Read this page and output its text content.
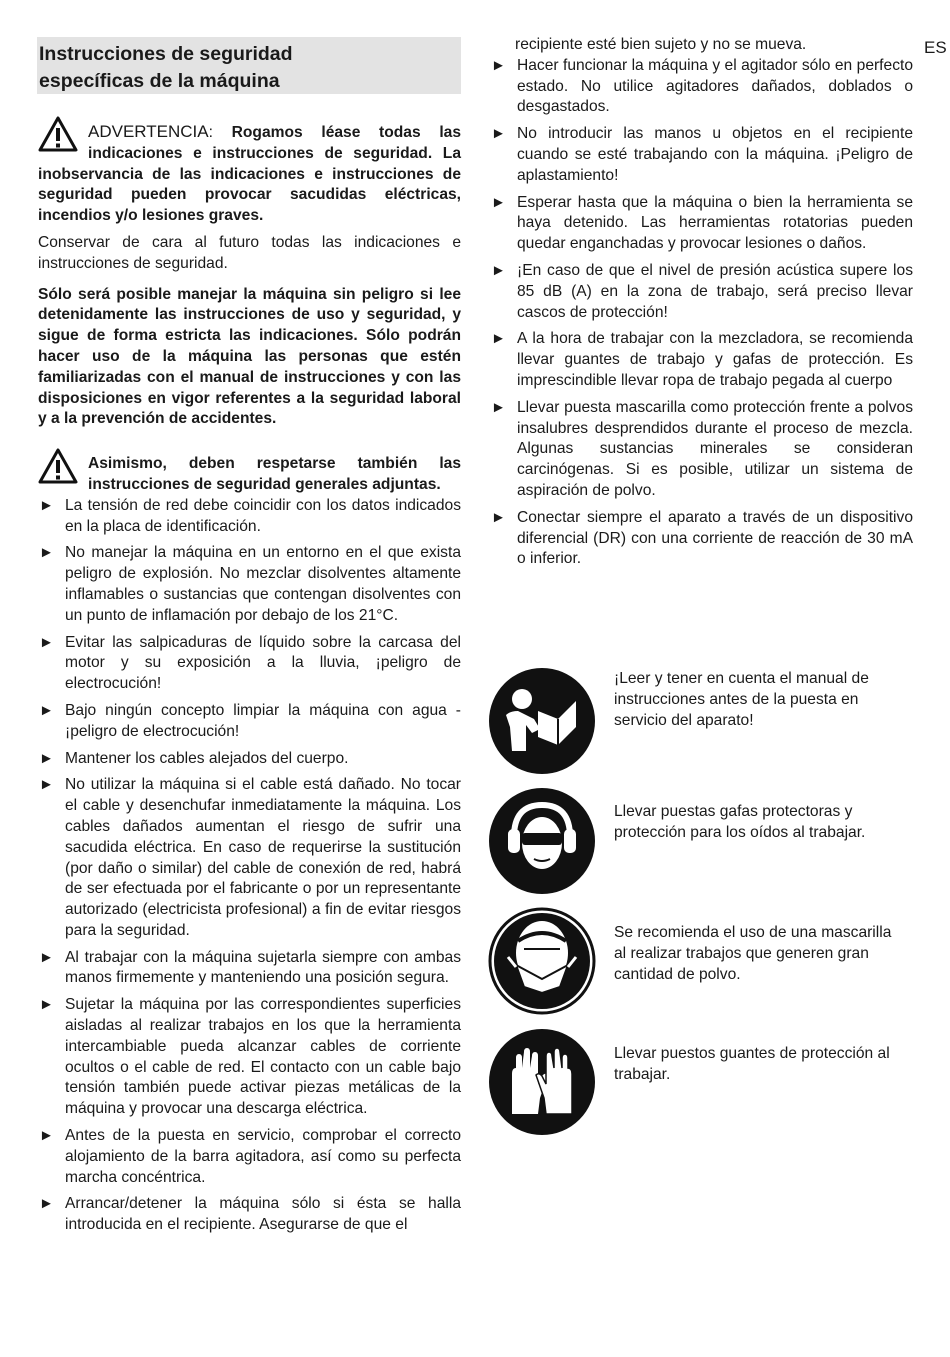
ES
Instrucciones de seguridad
específicas de la máquina

ADVERTENCIA: Rogamos léase todas las indicaciones e instrucciones de seguridad. La inobservancia de las indicaciones e instrucciones de seguridad pueden provocar sacudidas eléctricas, incendios y/o lesiones graves.

Conservar de cara al futuro todas las indicaciones e instrucciones de seguridad.

Sólo será posible manejar la máquina sin peligro si lee detenidamente las instrucciones de uso y seguridad, y sigue de forma estricta las indicaciones. Sólo podrán hacer uso de la máquina las personas que estén familiarizadas con el manual de instrucciones y con las disposiciones en vigor referentes a la seguridad laboral y a la prevención de accidentes.

Asimismo, deben respetarse también las instrucciones de seguridad generales adjuntas.

► La tensión de red debe coincidir con los datos indicados en la placa de identificación.
► No manejar la máquina en un entorno en el que exista peligro de explosión. No mezclar disolventes altamente inflamables o sustancias que contengan disolventes con un punto de inflamación por debajo de los 21°C.
► Evitar las salpicaduras de líquido sobre la carcasa del motor y su exposición a la lluvia, ¡peligro de electrocución!
► Bajo ningún concepto limpiar la máquina con agua - ¡peligro de electrocución!
► Mantener los cables alejados del cuerpo.
► No utilizar la máquina si el cable está dañado. No tocar el cable y desenchufar inmediatamente la máquina. Los cables dañados aumentan el riesgo de sufrir una sacudida eléctrica. En caso de requerirse la sustitución (por daño o similar) del cable de conexión de red, habrá de ser efectuada por el fabricante o por un representante autorizado (electricista profesional) a fin de evitar riesgos para la seguridad.
► Al trabajar con la máquina sujetarla siempre con ambas manos firmemente y manteniendo una posición segura.
► Sujetar la máquina por las correspondientes superficies aisladas al realizar trabajos en los que la herramienta intercambiable pueda alcanzar cables de corriente ocultos o el cable de red. El contacto con un cable bajo tensión también puede activar piezas metálicas de la máquina y provocar una descarga eléctrica.
► Antes de la puesta en servicio, comprobar el correcto alojamiento de la barra agitadora, así como su perfecta marcha concéntrica.
► Arrancar/detener la máquina sólo si ésta se halla introducida en el recipiente. Asegurarse de que el

recipiente esté bien sujeto y no se mueva.

► Hacer funcionar la máquina y el agitador sólo en perfecto estado. No utilice agitadores dañados, doblados o desgastados.
► No introducir las manos u objetos en el recipiente cuando se esté trabajando con la máquina. ¡Peligro de aplastamiento!
► Esperar hasta que la máquina o bien la herramienta se haya detenido. Las herramientas rotatorias pueden quedar enganchadas y provocar lesiones o daños.
► ¡En caso de que el nivel de presión acústica supere los 85 dB (A) en la zona de trabajo, será preciso llevar cascos de protección!
► A la hora de trabajar con la mezcladora, se recomienda llevar guantes de trabajo y gafas de protección. Es imprescindible llevar ropa de trabajo pegada al cuerpo
► Llevar puesta mascarilla como protección frente a polvos insalubres desprendidos durante el proceso de mezcla. Algunas sustancias minerales se consideran carcinógenas. Si es posible, utilizar un sistema de aspiración de polvo.
► Conectar siempre el aparato a través de un dispositivo diferencial (DR) con una corriente de reacción de 30 mA o inferior.
¡Leer y tener en cuenta el manual de instrucciones antes de la puesta en servicio del aparato!
Llevar puestas gafas protectoras y protección para los oídos al trabajar.
Se recomienda el uso de una mascarilla al realizar trabajos que generen gran cantidad de polvo.
Llevar puestos guantes de protección al trabajar.
